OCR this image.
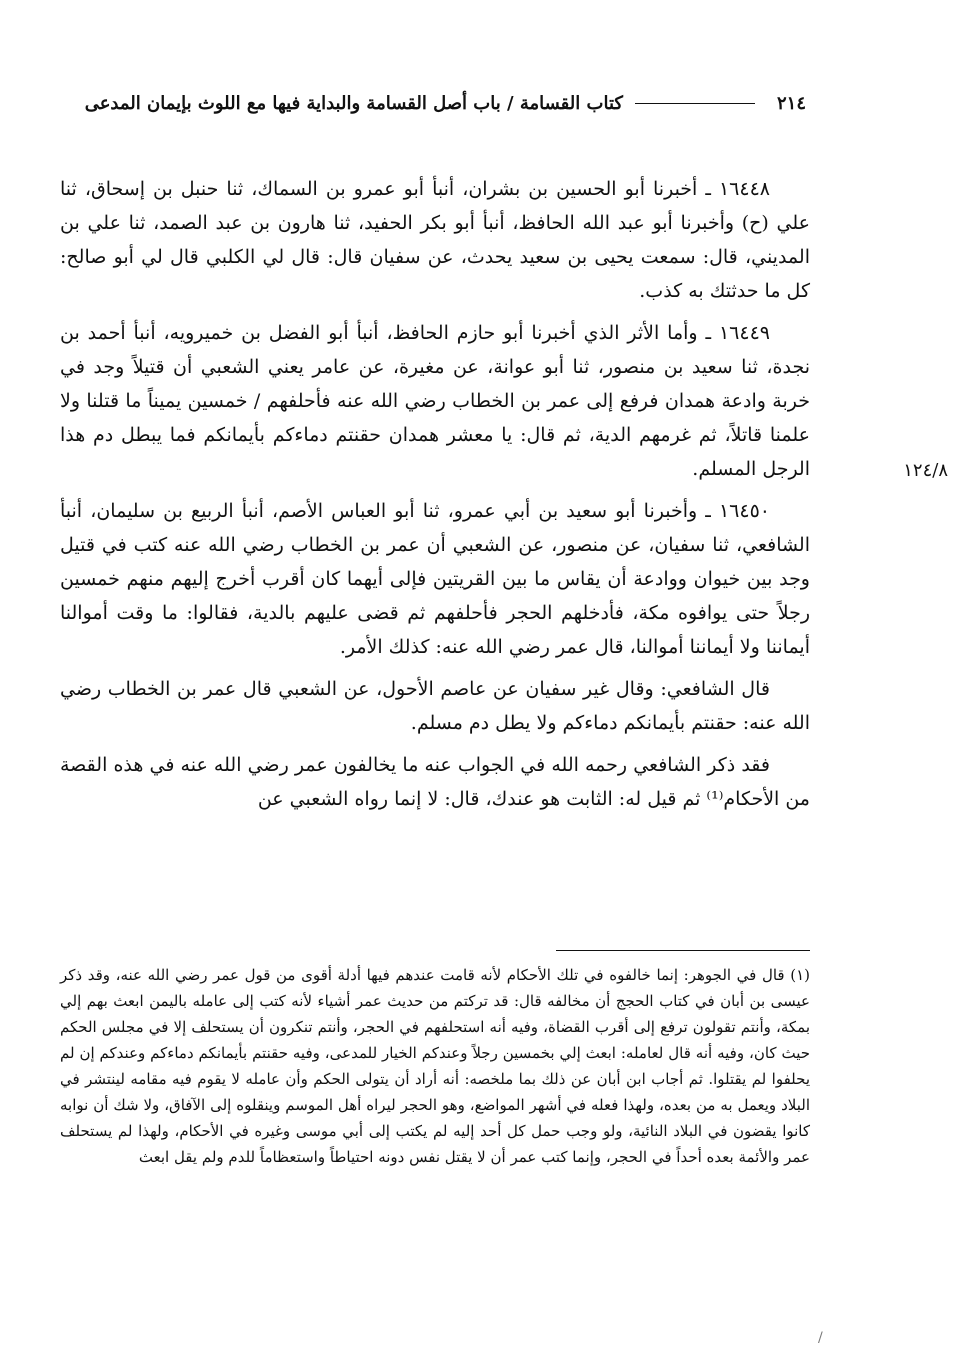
٢١٤
كتاب القسامة / باب أصل القسامة والبداية فيها مع اللوث بإيمان المدعى

١٦٤٤٨ ـ أخبرنا أبو الحسين بن بشران، أنبأ أبو عمرو بن السماك، ثنا حنبل بن إسحاق، ثنا علي (ح) وأخبرنا أبو عبد الله الحافظ، أنبأ أبو بكر الحفيد، ثنا هارون بن عبد الصمد، ثنا علي بن المديني، قال: سمعت يحيى بن سعيد يحدث، عن سفيان قال: قال لي الكلبي قال لي أبو صالح: كل ما حدثتك به كذب.

١٦٤٤٩ ـ وأما الأثر الذي أخبرنا أبو حازم الحافظ، أنبأ أبو الفضل بن خميرويه، أنبأ أحمد بن نجدة، ثنا سعيد بن منصور، ثنا أبو عوانة، عن مغيرة، عن عامر يعني الشعبي أن قتيلاً وجد في خربة وادعة همدان فرفع إلى عمر بن الخطاب رضي الله عنه فأحلفهم / خمسين يميناً ما قتلنا ولا علمنا قاتلاً، ثم غرمهم الدية، ثم قال: يا معشر همدان حقنتم دماءكم بأيمانكم فما يبطل دم هذا الرجل المسلم.

١٦٤٥٠ ـ وأخبرنا أبو سعيد بن أبي عمرو، ثنا أبو العباس الأصم، أنبأ الربيع بن سليمان، أنبأ الشافعي، ثنا سفيان، عن منصور، عن الشعبي أن عمر بن الخطاب رضي الله عنه كتب في قتيل وجد بين خيوان ووادعة أن يقاس ما بين القريتين فإلى أيهما كان أقرب أخرج إليهم منهم خمسين رجلاً حتى يوافوه مكة، فأدخلهم الحجر فأحلفهم ثم قضى عليهم بالدية، فقالوا: ما وقت أموالنا أيماننا ولا أيماننا أموالنا، قال عمر رضي الله عنه: كذلك الأمر.

قال الشافعي: وقال غير سفيان عن عاصم الأحول، عن الشعبي قال عمر بن الخطاب رضي الله عنه: حقنتم بأيمانكم دماءكم ولا يطل دم مسلم.

فقد ذكر الشافعي رحمه الله في الجواب عنه ما يخالفون عمر رضي الله عنه في هذه القصة من الأحكام⁽¹⁾ ثم قيل له: الثابت هو عندك، قال: لا إنما رواه الشعبي عن

١٢٤/٨
(١) قال في الجوهر: إنما خالفوه في تلك الأحكام لأنه قامت عندهم فيها أدلة أقوى من قول عمر رضي الله عنه، وقد ذكر عيسى بن أبان في كتاب الحجج أن مخالفه قال: قد تركتم من حديث عمر أشياء لأنه كتب إلى عامله باليمن ابعث بهم إلي بمكة، وأنتم تقولون ترفع إلى أقرب القضاة، وفيه أنه استحلفهم في الحجر، وأنتم تنكرون أن يستحلف إلا في مجلس الحكم حيث كان، وفيه أنه قال لعامله: ابعث إلي بخمسين رجلاً وعندكم الخيار للمدعى، وفيه حقنتم بأيمانكم دماءكم وعندكم إن لم يحلفوا لم يقتلوا. ثم أجاب ابن أبان عن ذلك بما ملخصه: أنه أراد أن يتولى الحكم وأن عامله لا يقوم فيه مقامه لينتشر في البلاد ويعمل به من بعده، ولهذا فعله في أشهر المواضع، وهو الحجر ليراه أهل الموسم وينقلوه إلى الآفاق، ولا شك أن نوابه كانوا يقضون في البلاد النائية، ولو وجب حمل كل أحد إليه لم يكتب إلى أبي موسى وغيره في الأحكام، ولهذا لم يستحلف عمر والأئمة بعده أحداً في الحجر، وإنما كتب عمر أن لا يقتل نفس دونه احتياطاً واستعظاماً للدم ولم يقل ابعث
/
